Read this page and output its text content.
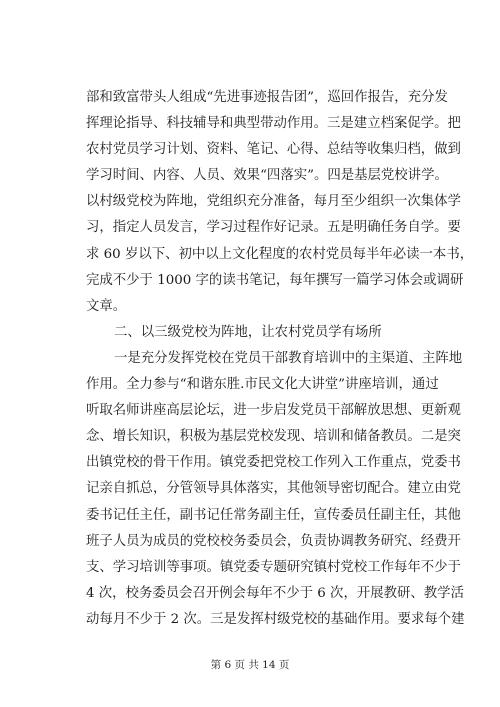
部和致富带头人组成“先进事迹报告团”，巡回作报告，充分发
挥理论指导、科技辅导和典型带动作用。三是建立档案促学。把
农村党员学习计划、资料、笔记、心得、总结等收集归档，做到
学习时间、内容、人员、效果“四落实”。四是基层党校讲学。
以村级党校为阵地，党组织充分准备，每月至少组织一次集体学
习，指定人员发言，学习过程作好记录。五是明确任务自学。要
求 60 岁以下、初中以上文化程度的农村党员每半年必读一本书，
完成不少于 1000 字的读书笔记，每年撰写一篇学习体会或调研
文章。
二、以三级党校为阵地，让农村党员学有场所
一是充分发挥党校在党员干部教育培训中的主渠道、主阵地
作用。全力参与“和谐东胜.市民文化大讲堂”讲座培训，通过
听取名师讲座高层论坛，进一步启发党员干部解放思想、更新观
念、增长知识，积极为基层党校发现、培训和储备教员。二是突
出镇党校的骨干作用。镇党委把党校工作列入工作重点，党委书
记亲自抓总，分管领导具体落实，其他领导密切配合。建立由党
委书记任主任，副书记任常务副主任，宣传委员任副主任，其他
班子人员为成员的党校校务委员会，负责协调教务研究、经费开
支、学习培训等事项。镇党委专题研究镇村党校工作每年不少于
4 次，校务委员会召开例会每年不少于 6 次，开展教研、教学活
动每月不少于 2 次。三是发挥村级党校的基础作用。要求每个建
第 6 页 共 14 页
